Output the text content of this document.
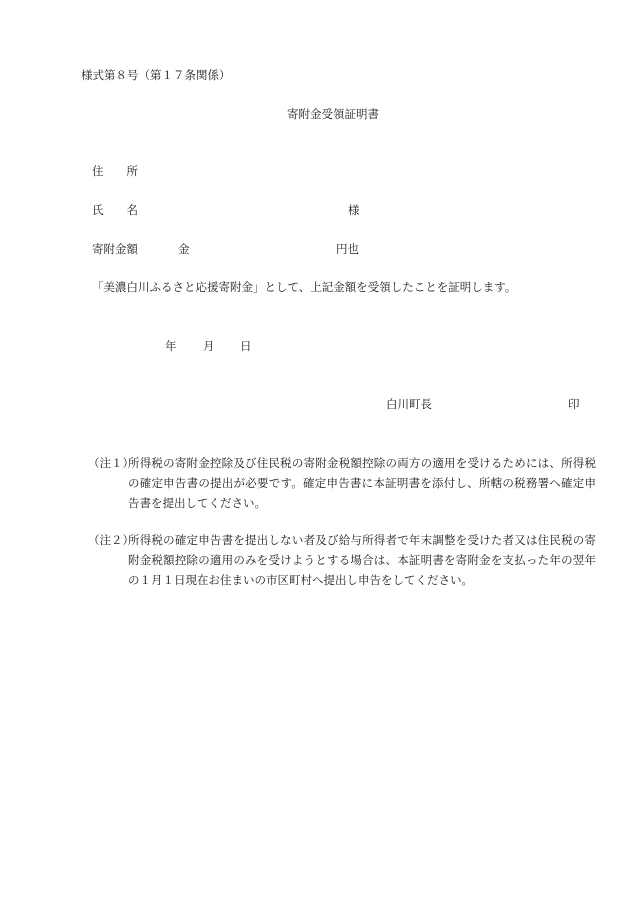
様式第８号（第１７条関係）
寄附金受領証明書
住　　所
氏　　名	様
寄附金額	金	円也
「美濃白川ふるさと応援寄附金」として、上記金額を受領したことを証明します。
年 月 日
白川町長	印
（注１）
所得税の寄附金控除及び住民税の寄附金税額控除の両方の適用を受けるためには、所得税の確定申告書の提出が必要です。確定申告書に本証明書を添付し、所轄の税務署へ確定申告書を提出してください。
（注２）
所得税の確定申告書を提出しない者及び給与所得者で年末調整を受けた者又は住民税の寄附金税額控除の適用のみを受けようとする場合は、本証明書を寄附金を支払った年の翌年の１月１日現在お住まいの市区町村へ提出し申告をしてください。
